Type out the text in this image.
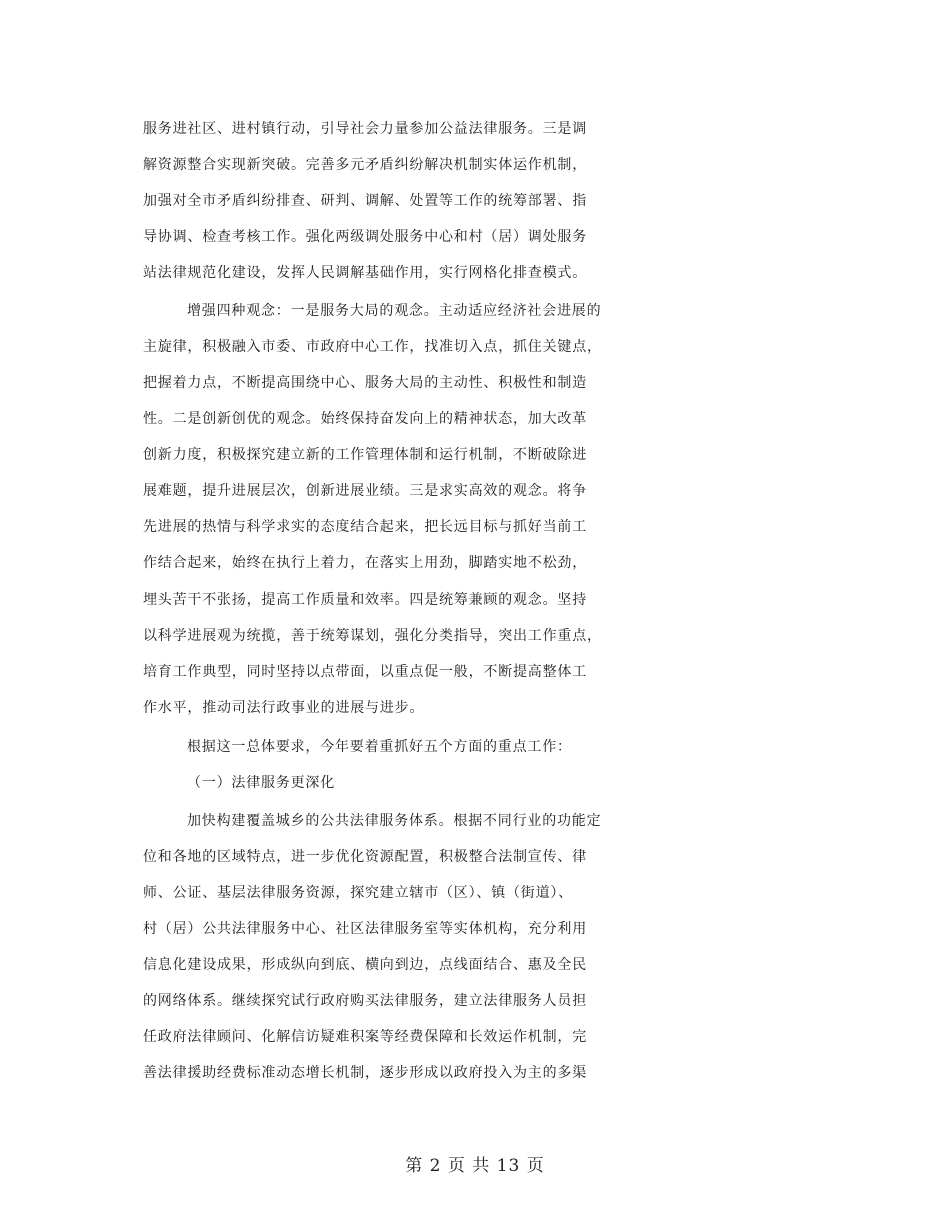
服务进社区、进村镇行动，引导社会力量参加公益法律服务。三是调
解资源整合实现新突破。完善多元矛盾纠纷解决机制实体运作机制，
加强对全市矛盾纠纷排查、研判、调解、处置等工作的统筹部署、指
导协调、检查考核工作。强化两级调处服务中心和村（居）调处服务
站法律规范化建设，发挥人民调解基础作用，实行网格化排查模式。
增强四种观念：一是服务大局的观念。主动适应经济社会进展的
主旋律，积极融入市委、市政府中心工作，找准切入点，抓住关键点，
把握着力点，不断提高围绕中心、服务大局的主动性、积极性和制造
性。二是创新创优的观念。始终保持奋发向上的精神状态，加大改革
创新力度，积极探究建立新的工作管理体制和运行机制，不断破除进
展难题，提升进展层次，创新进展业绩。三是求实高效的观念。将争
先进展的热情与科学求实的态度结合起来，把长远目标与抓好当前工
作结合起来，始终在执行上着力，在落实上用劲，脚踏实地不松劲，
埋头苦干不张扬，提高工作质量和效率。四是统筹兼顾的观念。坚持
以科学进展观为统揽，善于统筹谋划，强化分类指导，突出工作重点，
培育工作典型，同时坚持以点带面，以重点促一般，不断提高整体工
作水平，推动司法行政事业的进展与进步。
根据这一总体要求，今年要着重抓好五个方面的重点工作：
（一）法律服务更深化
加快构建覆盖城乡的公共法律服务体系。根据不同行业的功能定
位和各地的区域特点，进一步优化资源配置，积极整合法制宣传、律
师、公证、基层法律服务资源，探究建立辖市（区）、镇（街道）、
村（居）公共法律服务中心、社区法律服务室等实体机构，充分利用
信息化建设成果，形成纵向到底、横向到边，点线面结合、惠及全民
的网络体系。继续探究试行政府购买法律服务，建立法律服务人员担
任政府法律顾问、化解信访疑难积案等经费保障和长效运作机制，完
善法律援助经费标准动态增长机制，逐步形成以政府投入为主的多渠
第 2 页 共 13 页
